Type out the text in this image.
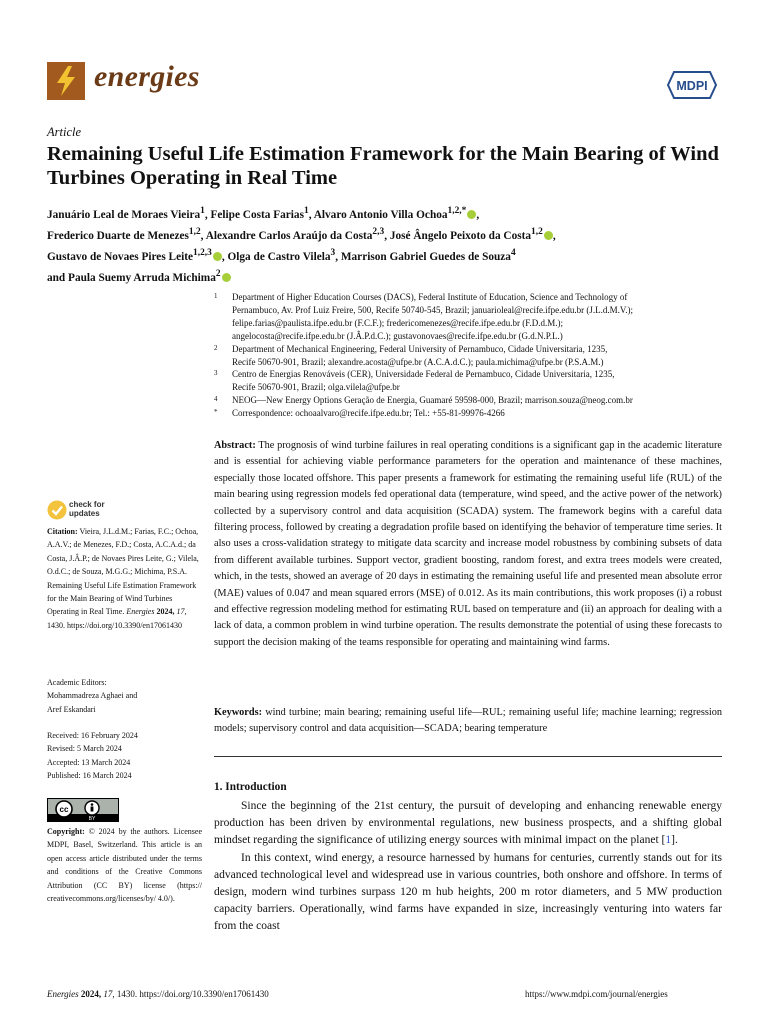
energies	MDPI
Article
Remaining Useful Life Estimation Framework for the Main Bearing of Wind Turbines Operating in Real Time
Januário Leal de Moraes Vieira$^1$, Felipe Costa Farias$^1$, Alvaro Antonio Villa Ochoa$^{1,2,*}$ ,
Frederico Duarte de Menezes$^{1,2}$, Alexandre Carlos Araújo da Costa$^{2,3}$, José Ângelo Peixoto da Costa$^{1,2}$ ,
Gustavo de Novaes Pires Leite$^{1,2,3}$ , Olga de Castro Vilela$^3$, Marrison Gabriel Guedes de Souza$^4$
and Paula Suemy Arruda Michima$^2$
1 Department of Higher Education Courses (DACS), Federal Institute of Education, Science and Technology of
Pernambuco, Av. Prof Luiz Freire, 500, Recife 50740-545, Brazil; januarioleal@recife.ifpe.edu.br (J.L.d.M.V.);
felipe.farias@paulista.ifpe.edu.br (F.C.F.); fredericomenezes@recife.ifpe.edu.br (F.D.d.M.);
angelocosta@recife.ifpe.edu.br (J.Â.P.d.C.); gustavonovaes@recife.ifpe.edu.br (G.d.N.P.L.)
2 Department of Mechanical Engineering, Federal University of Pernambuco, Cidade Universitaria, 1235,
Recife 50670-901, Brazil; alexandre.acosta@ufpe.br (A.C.A.d.C.); paula.michima@ufpe.br (P.S.A.M.)
3 Centro de Energias Renováveis (CER), Universidade Federal de Pernambuco, Cidade Universitaria, 1235,
Recife 50670-901, Brazil; olga.vilela@ufpe.br
4 NEOG—New Energy Options Geração de Energia, Guamaré 59598-000, Brazil; marrison.souza@neog.com.br
* Correspondence: ochoaalvaro@recife.ifpe.edu.br; Tel.: +55-81-99976-4266
Abstract: The prognosis of wind turbine failures in real operating conditions is a significant gap in the academic literature and is essential for achieving viable performance parameters for the operation and maintenance of these machines, especially those located offshore. This paper presents a framework for estimating the remaining useful life (RUL) of the main bearing using regression models fed operational data (temperature, wind speed, and the active power of the network) collected by a supervisory control and data acquisition (SCADA) system. The framework begins with a careful data filtering process, followed by creating a degradation profile based on identifying the behavior of temperature time series. It also uses a cross-validation strategy to mitigate data scarcity and increase model robustness by combining subsets of data from different available turbines. Support vector, gradient boosting, random forest, and extra trees models were created, which, in the tests, showed an average of 20 days in estimating the remaining useful life and presented mean absolute error (MAE) values of 0.047 and mean squared errors (MSE) of 0.012. As its main contributions, this work proposes (i) a robust and effective regression modeling method for estimating RUL based on temperature and (ii) an approach for dealing with a lack of data, a common problem in wind turbine operation. The results demonstrate the potential of using these forecasts to support the decision making of the teams responsible for operating and maintaining wind farms.
Keywords: wind turbine; main bearing; remaining useful life—RUL; remaining useful life; machine learning; regression models; supervisory control and data acquisition—SCADA; bearing temperature
1. Introduction

Since the beginning of the 21st century, the pursuit of developing and enhancing renewable energy production has been driven by environmental regulations, new business prospects, and a shifting global mindset regarding the significance of utilizing energy sources with minimal impact on the planet [1].

In this context, wind energy, a resource harnessed by humans for centuries, currently stands out for its advanced technological level and widespread use in various countries, both onshore and offshore. In terms of design, modern wind turbines surpass 120 m hub heights, 200 m rotor diameters, and 5 MW production capacity barriers. Operationally, wind farms have expanded in size, increasingly venturing into waters far from the coast

check for
updates
Citation: Vieira, J.L.d.M.; Farias, F.C.; Ochoa, A.A.V.; de Menezes, F.D.; Costa, A.C.A.d.; da Costa, J.Â.P.; de Novaes Pires Leite, G.; Vilela, O.d.C.; de Souza, M.G.G.; Michima, P.S.A. Remaining Useful Life Estimation Framework for the Main Bearing of Wind Turbines Operating in Real Time. Energies 2024, 17, 1430. https://doi.org/10.3390/en17061430
Academic Editors:
Mohammadreza Aghaei and
Aref Eskandari
Received: 16 February 2024
Revised: 5 March 2024
Accepted: 13 March 2024
Published: 16 March 2024
cc
BY
Copyright: © 2024 by the authors. Licensee MDPI, Basel, Switzerland. This article is an open access article distributed under the terms and conditions of the Creative Commons Attribution (CC BY) license (https:// creativecommons.org/licenses/by/ 4.0/).
Energies 2024, 17, 1430. https://doi.org/10.3390/en17061430	https://www.mdpi.com/journal/energies
